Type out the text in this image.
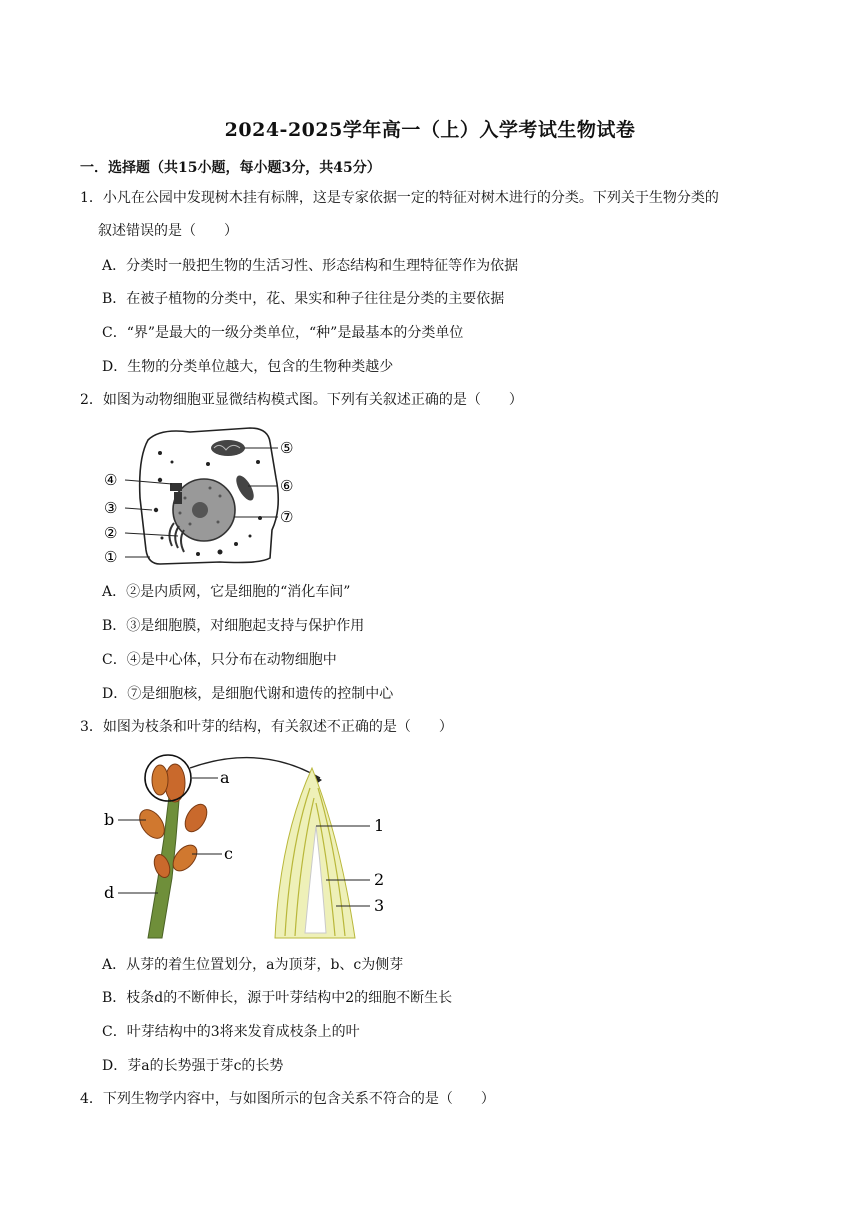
2024-2025学年高一（上）入学考试生物试卷
一．选择题（共15小题，每小题3分，共45分）
1．小凡在公园中发现树木挂有标牌，这是专家依据一定的特征对树木进行的分类。下列关于生物分类的
叙述错误的是（　　）
A．分类时一般把生物的生活习性、形态结构和生理特征等作为依据
B．在被子植物的分类中，花、果实和种子往往是分类的主要依据
C．“界”是最大的一级分类单位，“种”是最基本的分类单位
D．生物的分类单位越大，包含的生物种类越少
2．如图为动物细胞亚显微结构模式图。下列有关叙述正确的是（　　）
④
③
②
①
⑤
⑥
⑦
A．②是内质网，它是细胞的“消化车间”
B．③是细胞膜，对细胞起支持与保护作用
C．④是中心体，只分布在动物细胞中
D．⑦是细胞核，是细胞代谢和遗传的控制中心
3．如图为枝条和叶芽的结构，有关叙述不正确的是（　　）
a
b
c
d
1
2
3
A．从芽的着生位置划分，a为顶芽，b、c为侧芽
B．枝条d的不断伸长，源于叶芽结构中2的细胞不断生长
C．叶芽结构中的3将来发育成枝条上的叶
D．芽a的长势强于芽c的长势
4．下列生物学内容中，与如图所示的包含关系不符合的是（　　）
